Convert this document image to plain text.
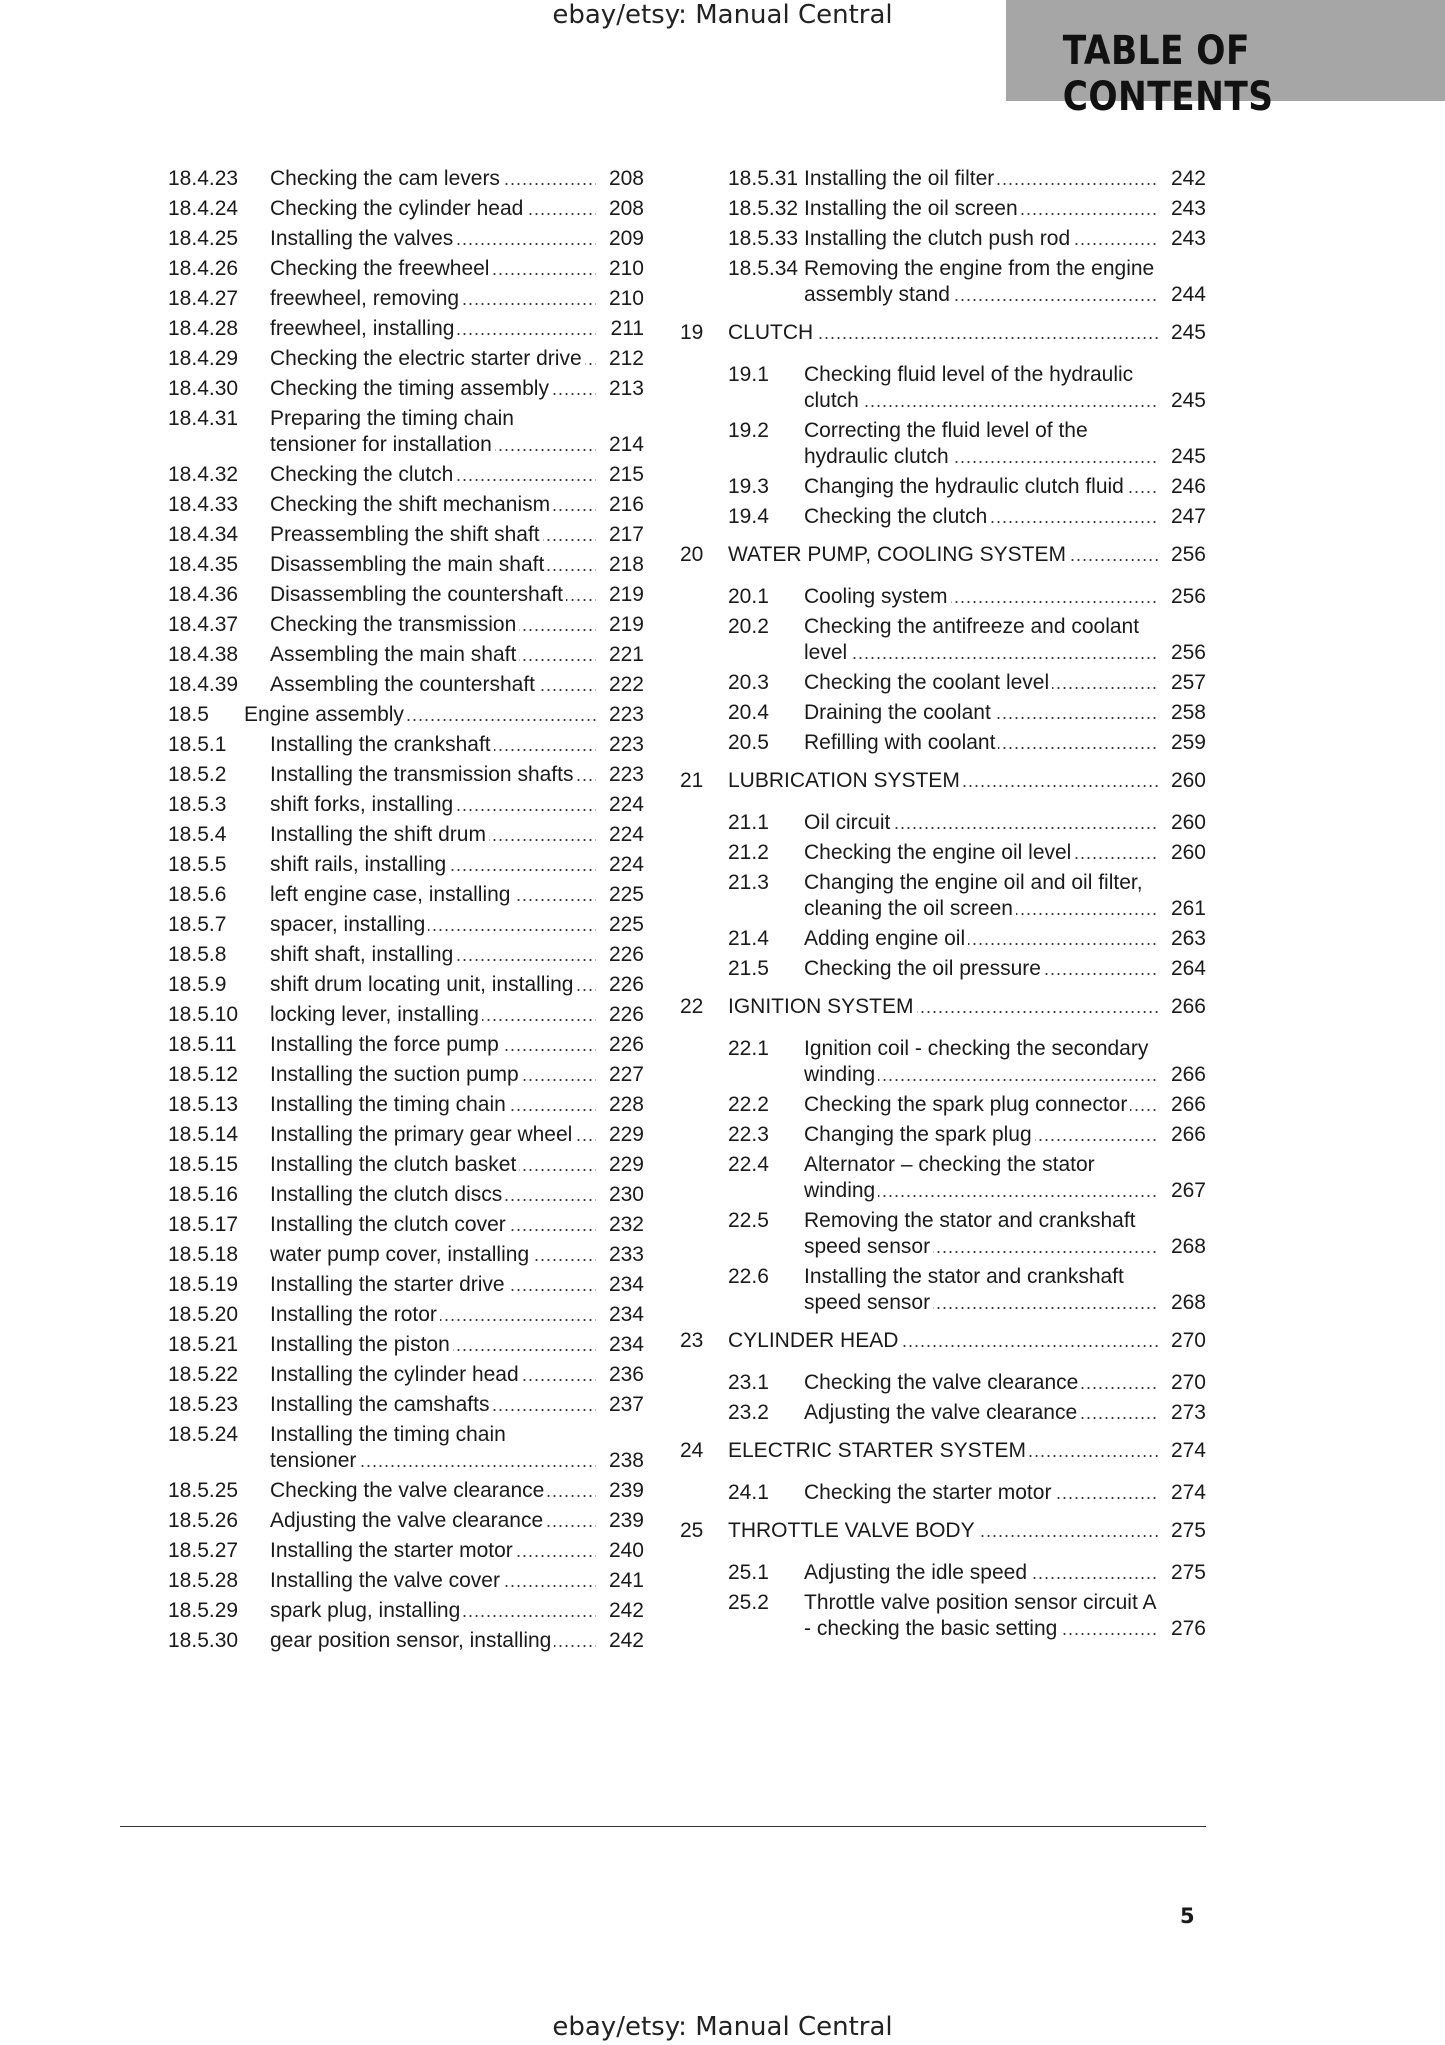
ebay/etsy: Manual Central
TABLE OF CONTENTS
18.4.23	Checking the cam levers .....	208
18.4.24	Checking the cylinder head .....	208
18.4.25	Installing the valves .....	209
18.4.26	Checking the freewheel .....	210
18.4.27	freewheel, removing .....	210
18.4.28	freewheel, installing .....	211
18.4.29	Checking the electric starter drive .....	212
18.4.30	Checking the timing assembly .....	213
18.4.31	Preparing the timing chain tensioner for installation .....	214
18.4.32	Checking the clutch .....	215
18.4.33	Checking the shift mechanism .....	216
18.4.34	Preassembling the shift shaft .....	217
18.4.35	Disassembling the main shaft .....	218
18.4.36	Disassembling the countershaft .....	219
18.4.37	Checking the transmission .....	219
18.4.38	Assembling the main shaft .....	221
18.4.39	Assembling the countershaft .....	222
18.5	Engine assembly .....	223
18.5.1	Installing the crankshaft .....	223
18.5.2	Installing the transmission shafts .....	223
18.5.3	shift forks, installing .....	224
18.5.4	Installing the shift drum .....	224
18.5.5	shift rails, installing .....	224
18.5.6	left engine case, installing .....	225
18.5.7	spacer, installing .....	225
18.5.8	shift shaft, installing .....	226
18.5.9	shift drum locating unit, installing .....	226
18.5.10	locking lever, installing .....	226
18.5.11	Installing the force pump .....	226
18.5.12	Installing the suction pump .....	227
18.5.13	Installing the timing chain .....	228
18.5.14	Installing the primary gear wheel .....	229
18.5.15	Installing the clutch basket .....	229
18.5.16	Installing the clutch discs .....	230
18.5.17	Installing the clutch cover .....	232
18.5.18	water pump cover, installing .....	233
18.5.19	Installing the starter drive .....	234
18.5.20	Installing the rotor .....	234
18.5.21	Installing the piston .....	234
18.5.22	Installing the cylinder head .....	236
18.5.23	Installing the camshafts .....	237
18.5.24	Installing the timing chain tensioner .....	238
18.5.25	Checking the valve clearance .....	239
18.5.26	Adjusting the valve clearance .....	239
18.5.27	Installing the starter motor .....	240
18.5.28	Installing the valve cover .....	241
18.5.29	spark plug, installing .....	242
18.5.30	gear position sensor, installing .....	242
18.5.31 Installing the oil filter .....	242
18.5.32 Installing the oil screen .....	243
18.5.33 Installing the clutch push rod .....	243
18.5.34 Removing the engine from the engine assembly stand .....	244
19	CLUTCH .....	245
19.1	Checking fluid level of the hydraulic clutch .....	245
19.2	Correcting the fluid level of the hydraulic clutch .....	245
19.3	Changing the hydraulic clutch fluid .....	246
19.4	Checking the clutch .....	247
20	WATER PUMP, COOLING SYSTEM .....	256
20.1	Cooling system .....	256
20.2	Checking the antifreeze and coolant level .....	256
20.3	Checking the coolant level .....	257
20.4	Draining the coolant .....	258
20.5	Refilling with coolant .....	259
21	LUBRICATION SYSTEM .....	260
21.1	Oil circuit .....	260
21.2	Checking the engine oil level .....	260
21.3	Changing the engine oil and oil filter, cleaning the oil screen .....	261
21.4	Adding engine oil .....	263
21.5	Checking the oil pressure .....	264
22	IGNITION SYSTEM .....	266
22.1	Ignition coil - checking the secondary winding .....	266
22.2	Checking the spark plug connector .....	266
22.3	Changing the spark plug .....	266
22.4	Alternator – checking the stator winding .....	267
22.5	Removing the stator and crankshaft speed sensor .....	268
22.6	Installing the stator and crankshaft speed sensor .....	268
23	CYLINDER HEAD .....	270
23.1	Checking the valve clearance .....	270
23.2	Adjusting the valve clearance .....	273
24	ELECTRIC STARTER SYSTEM .....	274
24.1	Checking the starter motor .....	274
25	THROTTLE VALVE BODY .....	275
25.1	Adjusting the idle speed .....	275
25.2	Throttle valve position sensor circuit A - checking the basic setting .....	276
5
ebay/etsy: Manual Central
